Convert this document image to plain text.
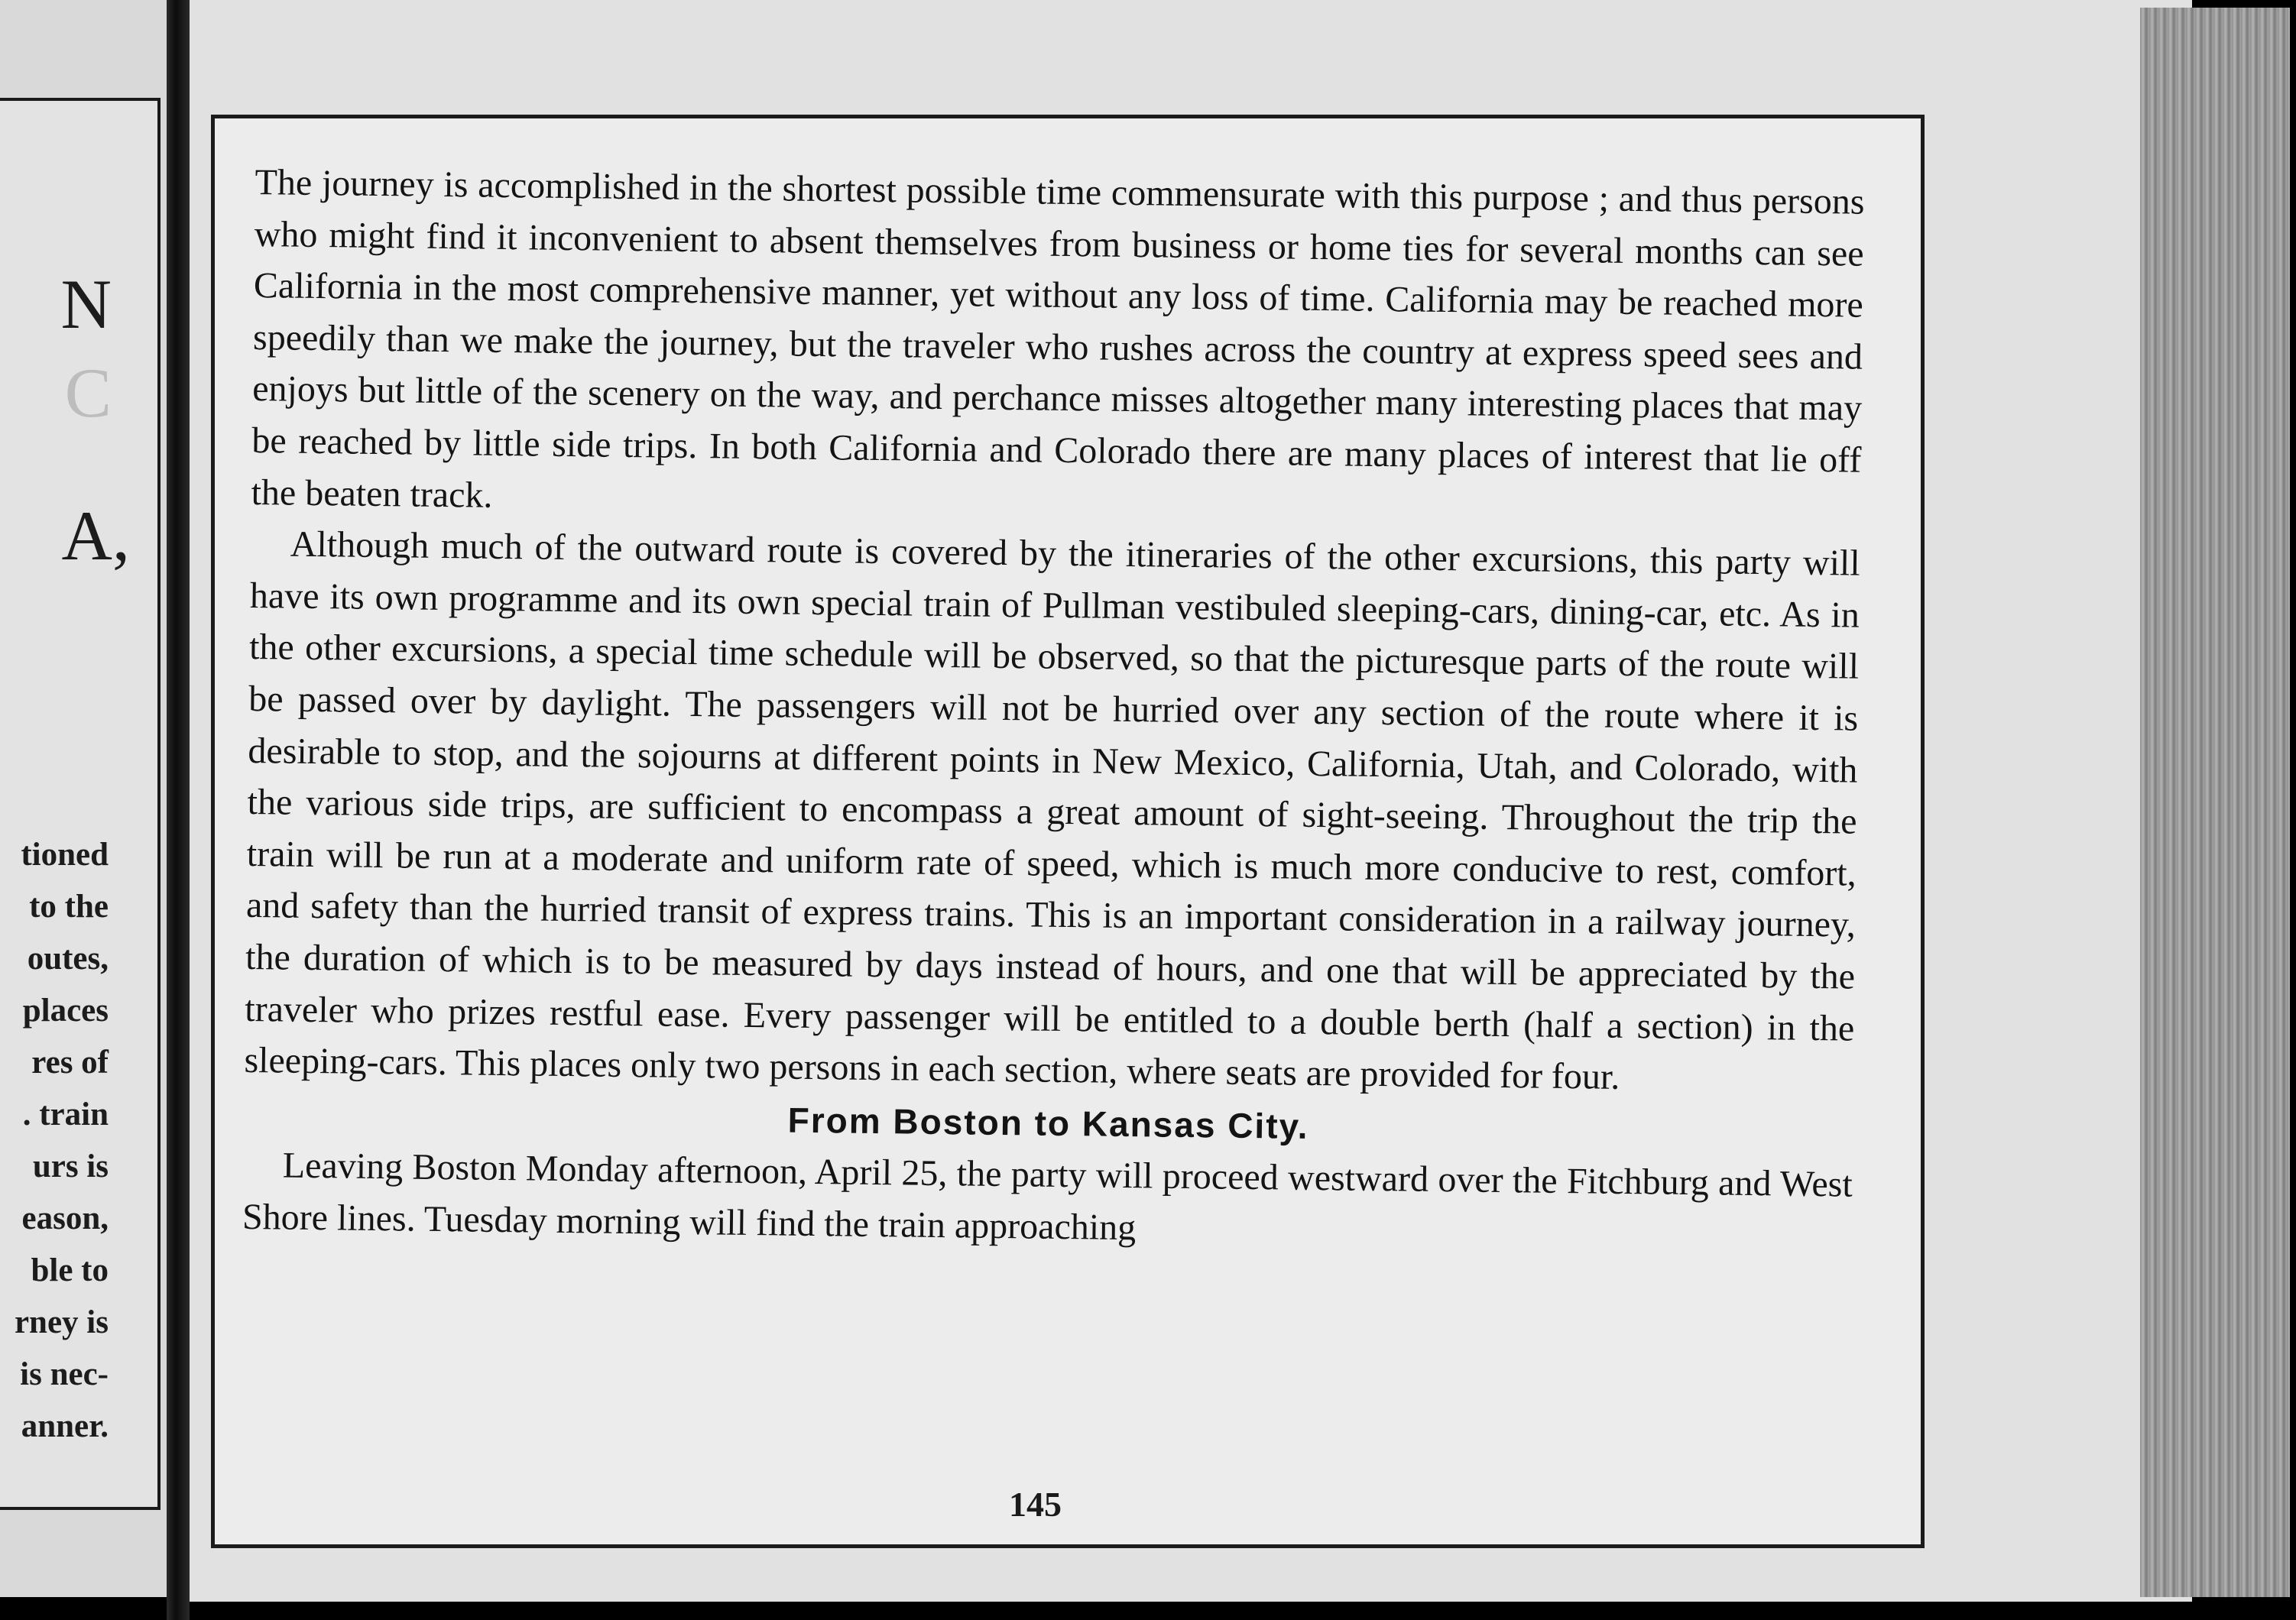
N
C
A,
tioned
to the
outes,
places
res of
. train
urs is
eason,
ble to
rney is
is nec-
anner.

The journey is accomplished in the shortest possible time commensurate with this purpose ; and thus persons who might find it inconvenient to absent themselves from business or home ties for several months can see California in the most comprehensive manner, yet without any loss of time. California may be reached more speedily than we make the journey, but the traveler who rushes across the country at express speed sees and enjoys but little of the scenery on the way, and perchance misses altogether many interesting places that may be reached by little side trips. In both California and Colorado there are many places of interest that lie off the beaten track.

Although much of the outward route is covered by the itineraries of the other excursions, this party will have its own programme and its own special train of Pullman vestibuled sleeping-cars, dining-car, etc. As in the other excursions, a special time schedule will be observed, so that the picturesque parts of the route will be passed over by daylight. The passengers will not be hurried over any section of the route where it is desirable to stop, and the sojourns at different points in New Mexico, California, Utah, and Colorado, with the various side trips, are sufficient to encompass a great amount of sight-seeing. Throughout the trip the train will be run at a moderate and uniform rate of speed, which is much more conducive to rest, comfort, and safety than the hurried transit of express trains. This is an important consideration in a railway journey, the duration of which is to be measured by days instead of hours, and one that will be appreciated by the traveler who prizes restful ease. Every passenger will be entitled to a double berth (half a section) in the sleeping-cars. This places only two persons in each section, where seats are provided for four.

From Boston to Kansas City.

Leaving Boston Monday afternoon, April 25, the party will proceed westward over the Fitchburg and West Shore lines. Tuesday morning will find the train approaching

145
